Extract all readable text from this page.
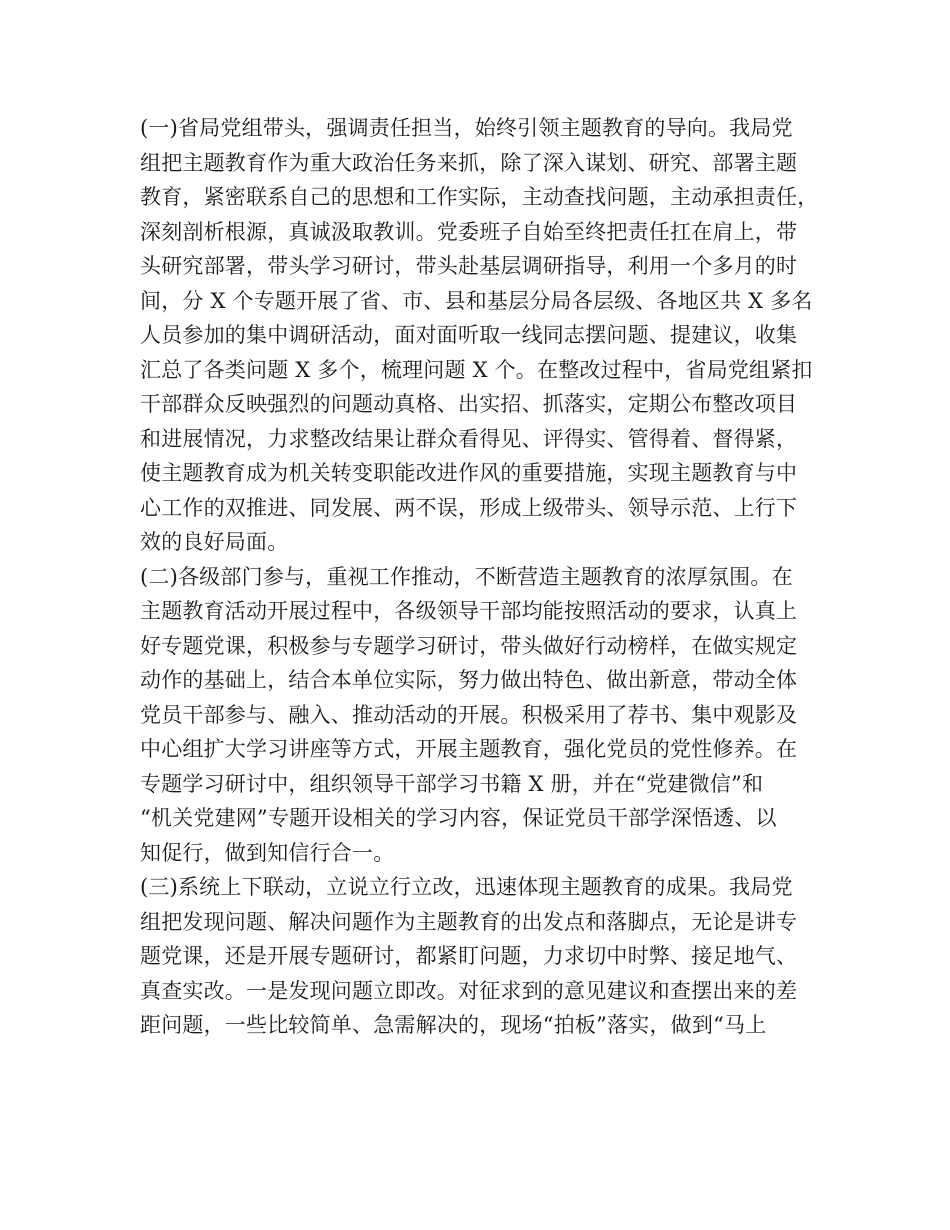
(一)省局党组带头，强调责任担当，始终引领主题教育的导向。我局党
组把主题教育作为重大政治任务来抓，除了深入谋划、研究、部署主题
教育，紧密联系自己的思想和工作实际，主动查找问题，主动承担责任，
深刻剖析根源，真诚汲取教训。党委班子自始至终把责任扛在肩上，带
头研究部署，带头学习研讨，带头赴基层调研指导，利用一个多月的时
间，分 X 个专题开展了省、市、县和基层分局各层级、各地区共 X 多名
人员参加的集中调研活动，面对面听取一线同志摆问题、提建议，收集
汇总了各类问题 X 多个，梳理问题 X 个。在整改过程中，省局党组紧扣
干部群众反映强烈的问题动真格、出实招、抓落实，定期公布整改项目
和进展情况，力求整改结果让群众看得见、评得实、管得着、督得紧，
使主题教育成为机关转变职能改进作风的重要措施，实现主题教育与中
心工作的双推进、同发展、两不误，形成上级带头、领导示范、上行下
效的良好局面。
(二)各级部门参与，重视工作推动，不断营造主题教育的浓厚氛围。在
主题教育活动开展过程中，各级领导干部均能按照活动的要求，认真上
好专题党课，积极参与专题学习研讨，带头做好行动榜样，在做实规定
动作的基础上，结合本单位实际，努力做出特色、做出新意，带动全体
党员干部参与、融入、推动活动的开展。积极采用了荐书、集中观影及
中心组扩大学习讲座等方式，开展主题教育，强化党员的党性修养。在
专题学习研讨中，组织领导干部学习书籍 X 册，并在“党建微信”和
“机关党建网”专题开设相关的学习内容，保证党员干部学深悟透、以
知促行，做到知信行合一。
(三)系统上下联动，立说立行立改，迅速体现主题教育的成果。我局党
组把发现问题、解决问题作为主题教育的出发点和落脚点，无论是讲专
题党课，还是开展专题研讨，都紧盯问题，力求切中时弊、接足地气、
真查实改。一是发现问题立即改。对征求到的意见建议和查摆出来的差
距问题，一些比较简单、急需解决的，现场“拍板”落实，做到“马上
